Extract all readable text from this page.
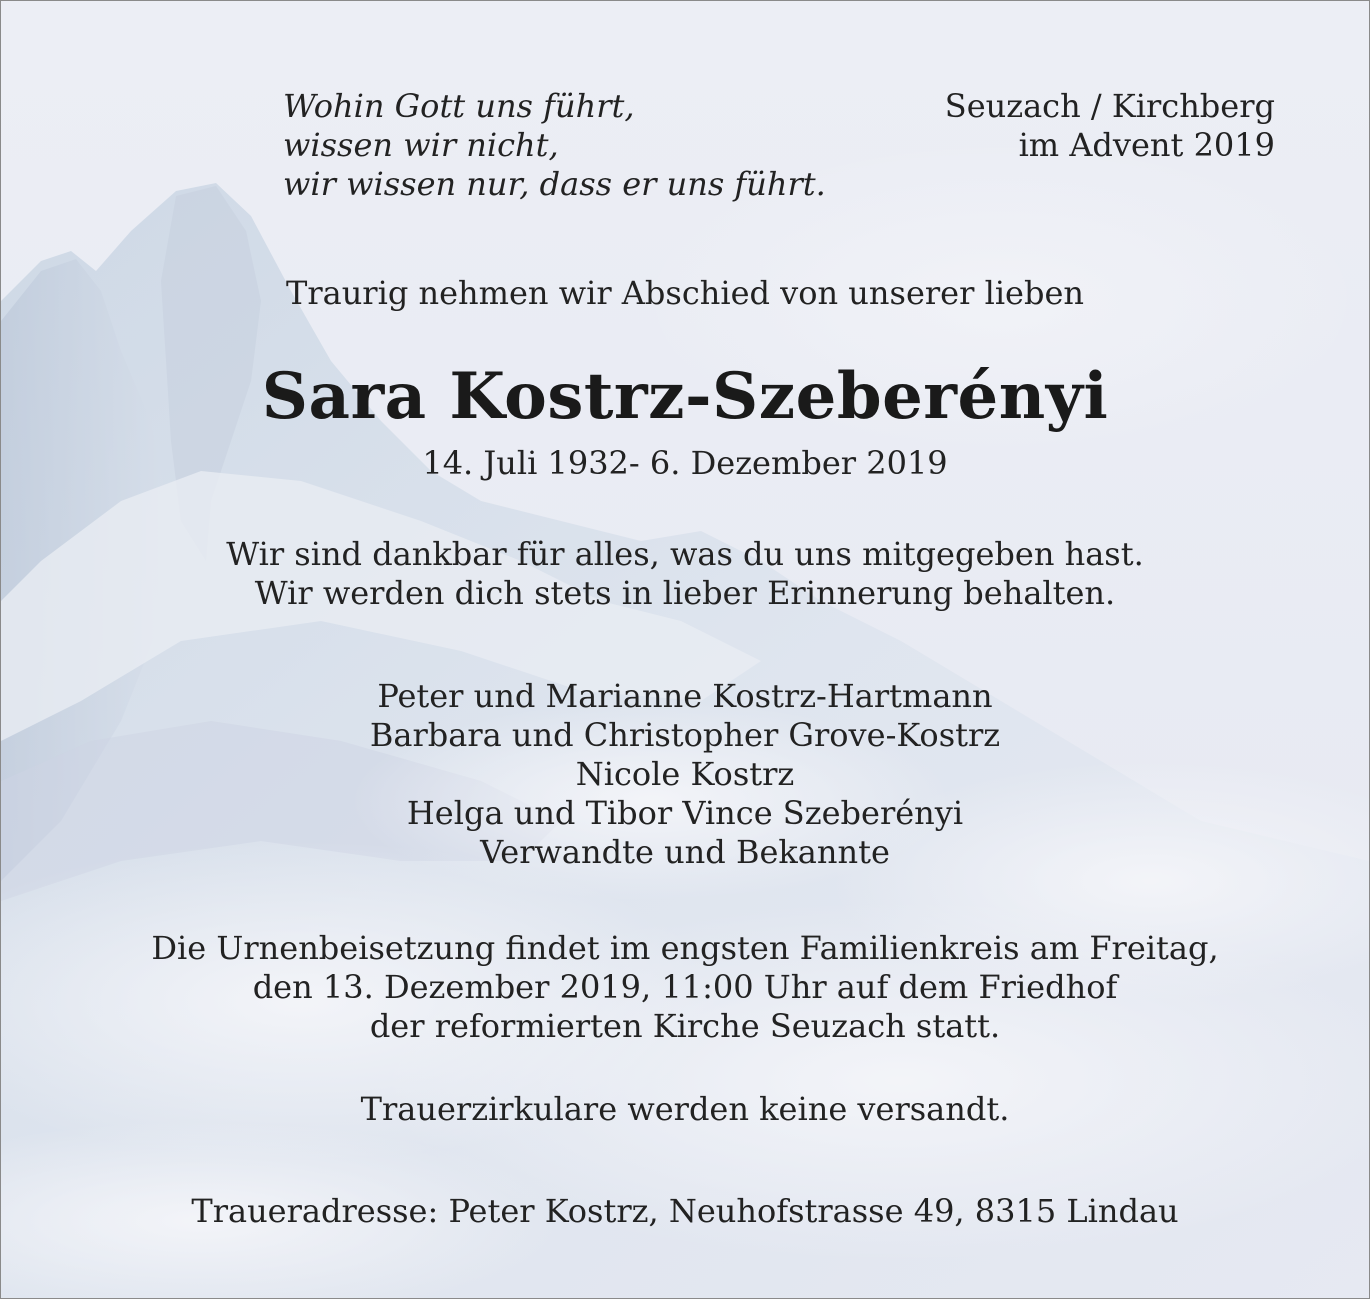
Wohin Gott uns führt,
wissen wir nicht,
wir wissen nur, dass er uns führt.
Seuzach / Kirchberg
im Advent 2019
Traurig nehmen wir Abschied von unserer lieben
Sara Kostrz-Szeberényi
14. Juli 1932- 6. Dezember 2019
Wir sind dankbar für alles, was du uns mitgegeben hast.
Wir werden dich stets in lieber Erinnerung behalten.
Peter und Marianne Kostrz-Hartmann
Barbara und Christopher Grove-Kostrz
Nicole Kostrz
Helga und Tibor Vince Szeberényi
Verwandte und Bekannte
Die Urnenbeisetzung findet im engsten Familienkreis am Freitag,
den 13. Dezember 2019, 11:00 Uhr auf dem Friedhof
der reformierten Kirche Seuzach statt.
Trauerzirkulare werden keine versandt.
Traueradresse: Peter Kostrz, Neuhofstrasse 49, 8315 Lindau
